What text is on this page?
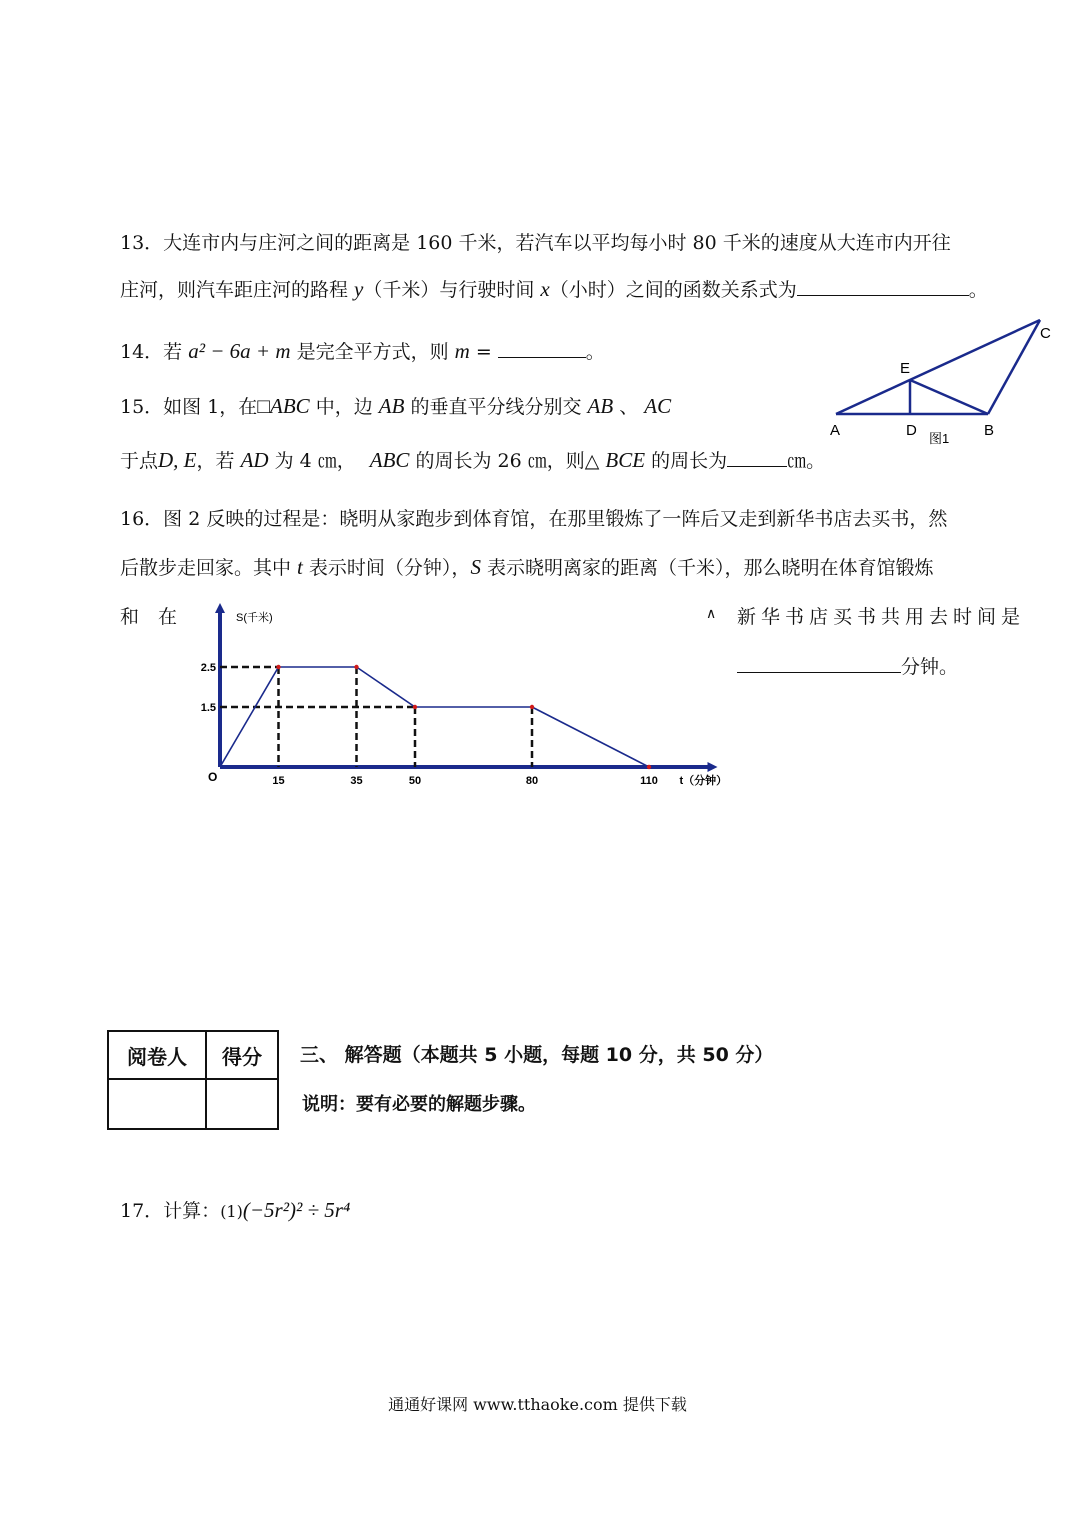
13．大连市内与庄河之间的距离是 160 千米，若汽车以平均每小时 80 千米的速度从大连市内开往
庄河，则汽车距庄河的路程 y（千米）与行驶时间 x（小时）之间的函数关系式为	。
14．若 a² − 6a + m 是完全平方式，则 m =	。
A	D 图1 B
E
C
15．如图 1，在□ABC 中，边 AB 的垂直平分线分别交 AB 、 AC
于点D, E，若 AD 为 4 ㎝， ABC 的周长为 26 ㎝，则△ BCE 的周长为	㎝。
16．图 2 反映的过程是：晓明从家跑步到体育馆，在那里锻炼了一阵后又走到新华书店去买书，然
后散步走回家。其中 t 表示时间（分钟），S 表示晓明离家的距离（千米），那么晓明在体育馆锻炼
和　在	∧ 新华书店买书共用去时间是
分钟。
15	35	50	80	110
2.5
1.5
O
S(千米)
t（分钟）
阅卷人	得分
	三、 解答题（本题共 5 小题，每题 10 分，共 50 分）
说明：要有必要的解题步骤。
17．计算：(1)(−5r²)² ÷ 5r⁴
通通好课网 www.tthaoke.com 提供下载
